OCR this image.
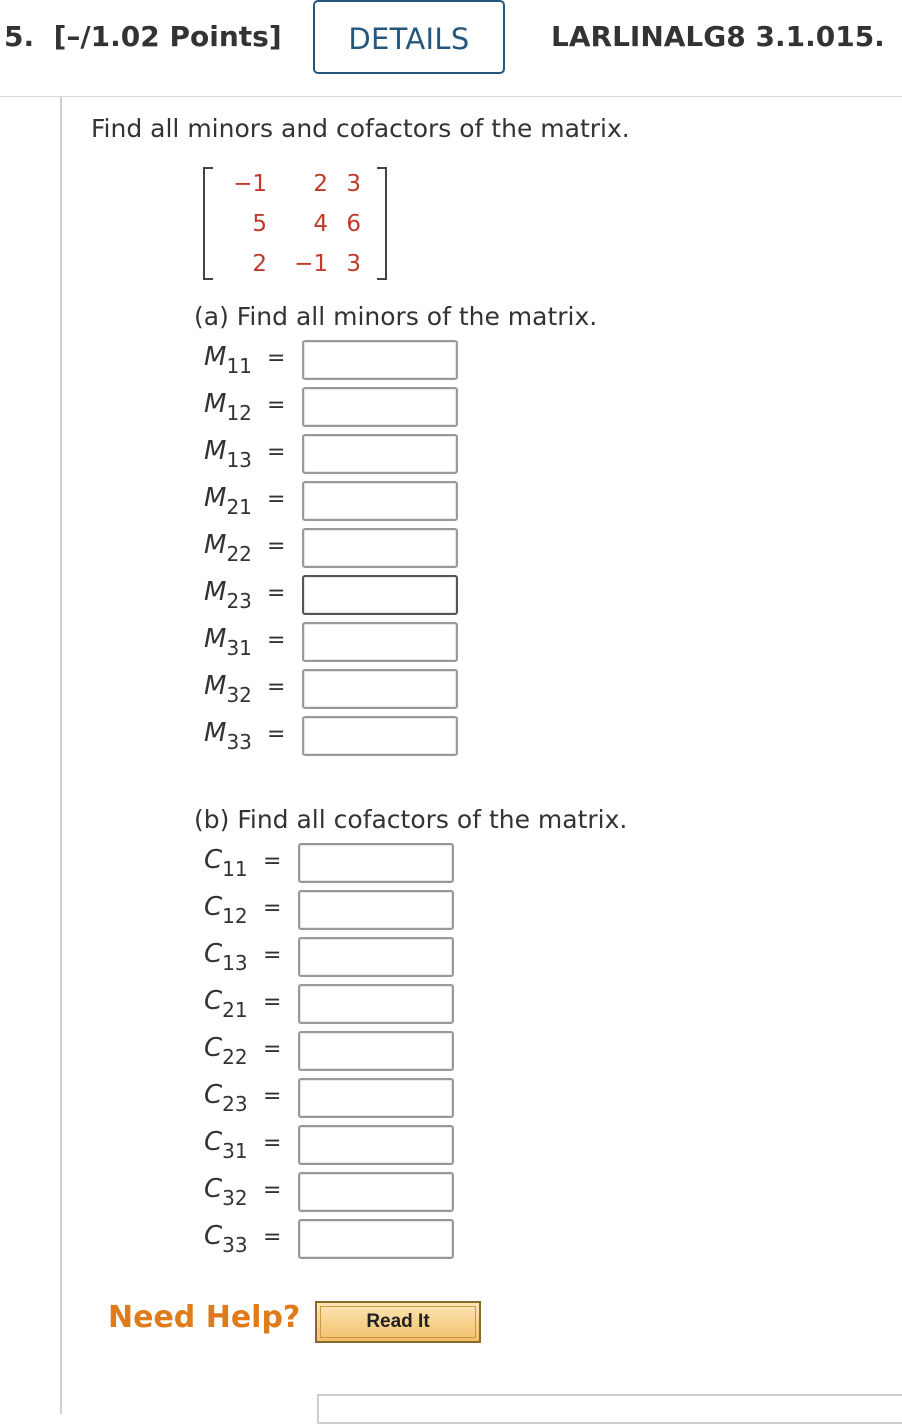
5. [–/1.02 Points]	DETAILS	LARLINALG8 3.1.015.
Find all minors and cofactors of the matrix.
−1	2 3
5	4 6
2 −1 3
(a) Find all minors of the matrix.
$M_{11}$ =
$M_{12}$ =
$M_{13}$ =
$M_{21}$ =
$M_{22}$ =
$M_{23}$ =
$M_{31}$ =
$M_{32}$ =
$M_{33}$ =
(b) Find all cofactors of the matrix.
$C_{11}$ =
$C_{12}$ =
$C_{13}$ =
$C_{21}$ =
$C_{22}$ =
$C_{23}$ =
$C_{31}$ =
$C_{32}$ =
$C_{33}$ =
Need Help?	Read It
